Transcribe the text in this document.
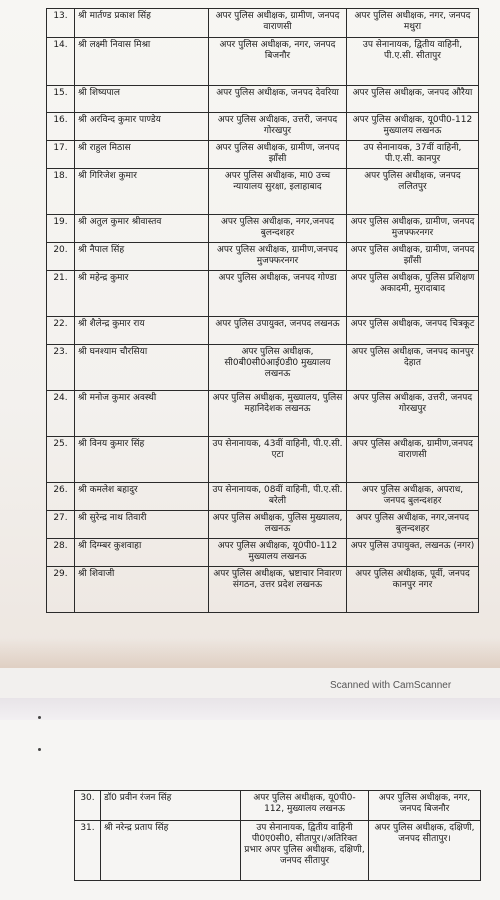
13.	श्री मार्तण्ड प्रकाश सिंह	अपर पुलिस अधीक्षक, ग्रामीण, जनपद वाराणसी	अपर पुलिस अधीक्षक, नगर, जनपद मथुरा
14.	श्री लक्ष्मी निवास मिश्रा	अपर पुलिस अधीक्षक, नगर, जनपद बिजनौर	उप सेनानायक, द्वितीय वाहिनी, पी.ए.सी. सीतापुर
15.	श्री शिष्यपाल	अपर पुलिस अधीक्षक, जनपद देवरिया	अपर पुलिस अधीक्षक, जनपद औरैया
16.	श्री अरविन्द कुमार पाण्डेय	अपर पुलिस अधीक्षक, उत्तरी, जनपद गोरखपुर	अपर पुलिस अधीक्षक, यू0पी0-112 मुख्यालय लखनऊ
17.	श्री राहुल मिठास	अपर पुलिस अधीक्षक, ग्रामीण, जनपद झाँसी	उप सेनानायक, 37वीं वाहिनी, पी.ए.सी. कानपुर
18.	श्री गिरिजेश कुमार	अपर पुलिस अधीक्षक, मा0 उच्च न्यायालय सुरक्षा, इलाहाबाद	अपर पुलिस अधीक्षक, जनपद ललितपुर
19.	श्री अतुल कुमार श्रीवास्तव	अपर पुलिस अधीक्षक, नगर,जनपद बुलन्दशहर	अपर पुलिस अधीक्षक, ग्रामीण, जनपद मुजफ्फरनगर
20.	श्री नैपाल सिंह	अपर पुलिस अधीक्षक, ग्रामीण,जनपद मुजफ्फरनगर	अपर पुलिस अधीक्षक, ग्रामीण, जनपद झाँसी
21.	श्री महेन्द्र कुमार	अपर पुलिस अधीक्षक, जनपद गोण्डा	अपर पुलिस अधीक्षक, पुलिस प्रशिक्षण अकादमी, मुरादाबाद
22.	श्री शैलेन्द्र कुमार राय	अपर पुलिस उपायुक्त, जनपद लखनऊ	अपर पुलिस अधीक्षक, जनपद चित्रकूट
23.	श्री घनश्याम चौरसिया	अपर पुलिस अधीक्षक, सी0बी0सी0आई0डी0 मुख्यालय लखनऊ	अपर पुलिस अधीक्षक, जनपद कानपुर देहात
24.	श्री मनोज कुमार अवस्थी	अपर पुलिस अधीक्षक, मुख्यालय, पुलिस महानिदेशक लखनऊ	अपर पुलिस अधीक्षक, उत्तरी, जनपद गोरखपुर
25.	श्री विनय कुमार सिंह	उप सेनानायक, 43वीं वाहिनी, पी.ए.सी. एटा	अपर पुलिस अधीक्षक, ग्रामीण,जनपद वाराणसी
26.	श्री कमलेश बहादुर	उप सेनानायक, 08वीं वाहिनी, पी.ए.सी. बरेली	अपर पुलिस अधीक्षक, अपराध, जनपद बुलन्दशहर
27.	श्री सुरेन्द्र नाथ तिवारी	अपर पुलिस अधीक्षक, पुलिस मुख्यालय, लखनऊ	अपर पुलिस अधीक्षक, नगर,जनपद बुलन्दशहर
28.	श्री दिग्म्बर कुशवाहा	अपर पुलिस अधीक्षक, यू0पी0-112 मुख्यालय लखनऊ	अपर पुलिस उपायुक्त, लखनऊ (नगर)
29.	श्री शिवाजी	अपर पुलिस अधीक्षक, भ्रष्टाचार निवारण संगठन, उत्तर प्रदेश लखनऊ	अपर पुलिस अधीक्षक, पूर्वी, जनपद कानपुर नगर
Scanned with CamScanner
30.	डॉ0 प्रवीन रंजन सिंह	अपर पुलिस अधीक्षक, यू0पी0-112, मुख्यालय लखनऊ	अपर पुलिस अधीक्षक, नगर, जनपद बिजनौर
31.	श्री नरेन्द्र प्रताप सिंह	उप सेनानायक, द्वितीय वाहिनी पी0ए0सी0, सीतापुर।/अतिरिक्त प्रभार अपर पुलिस अधीक्षक, दक्षिणी, जनपद सीतापुर	अपर पुलिस अधीक्षक, दक्षिणी, जनपद सीतापुर।
